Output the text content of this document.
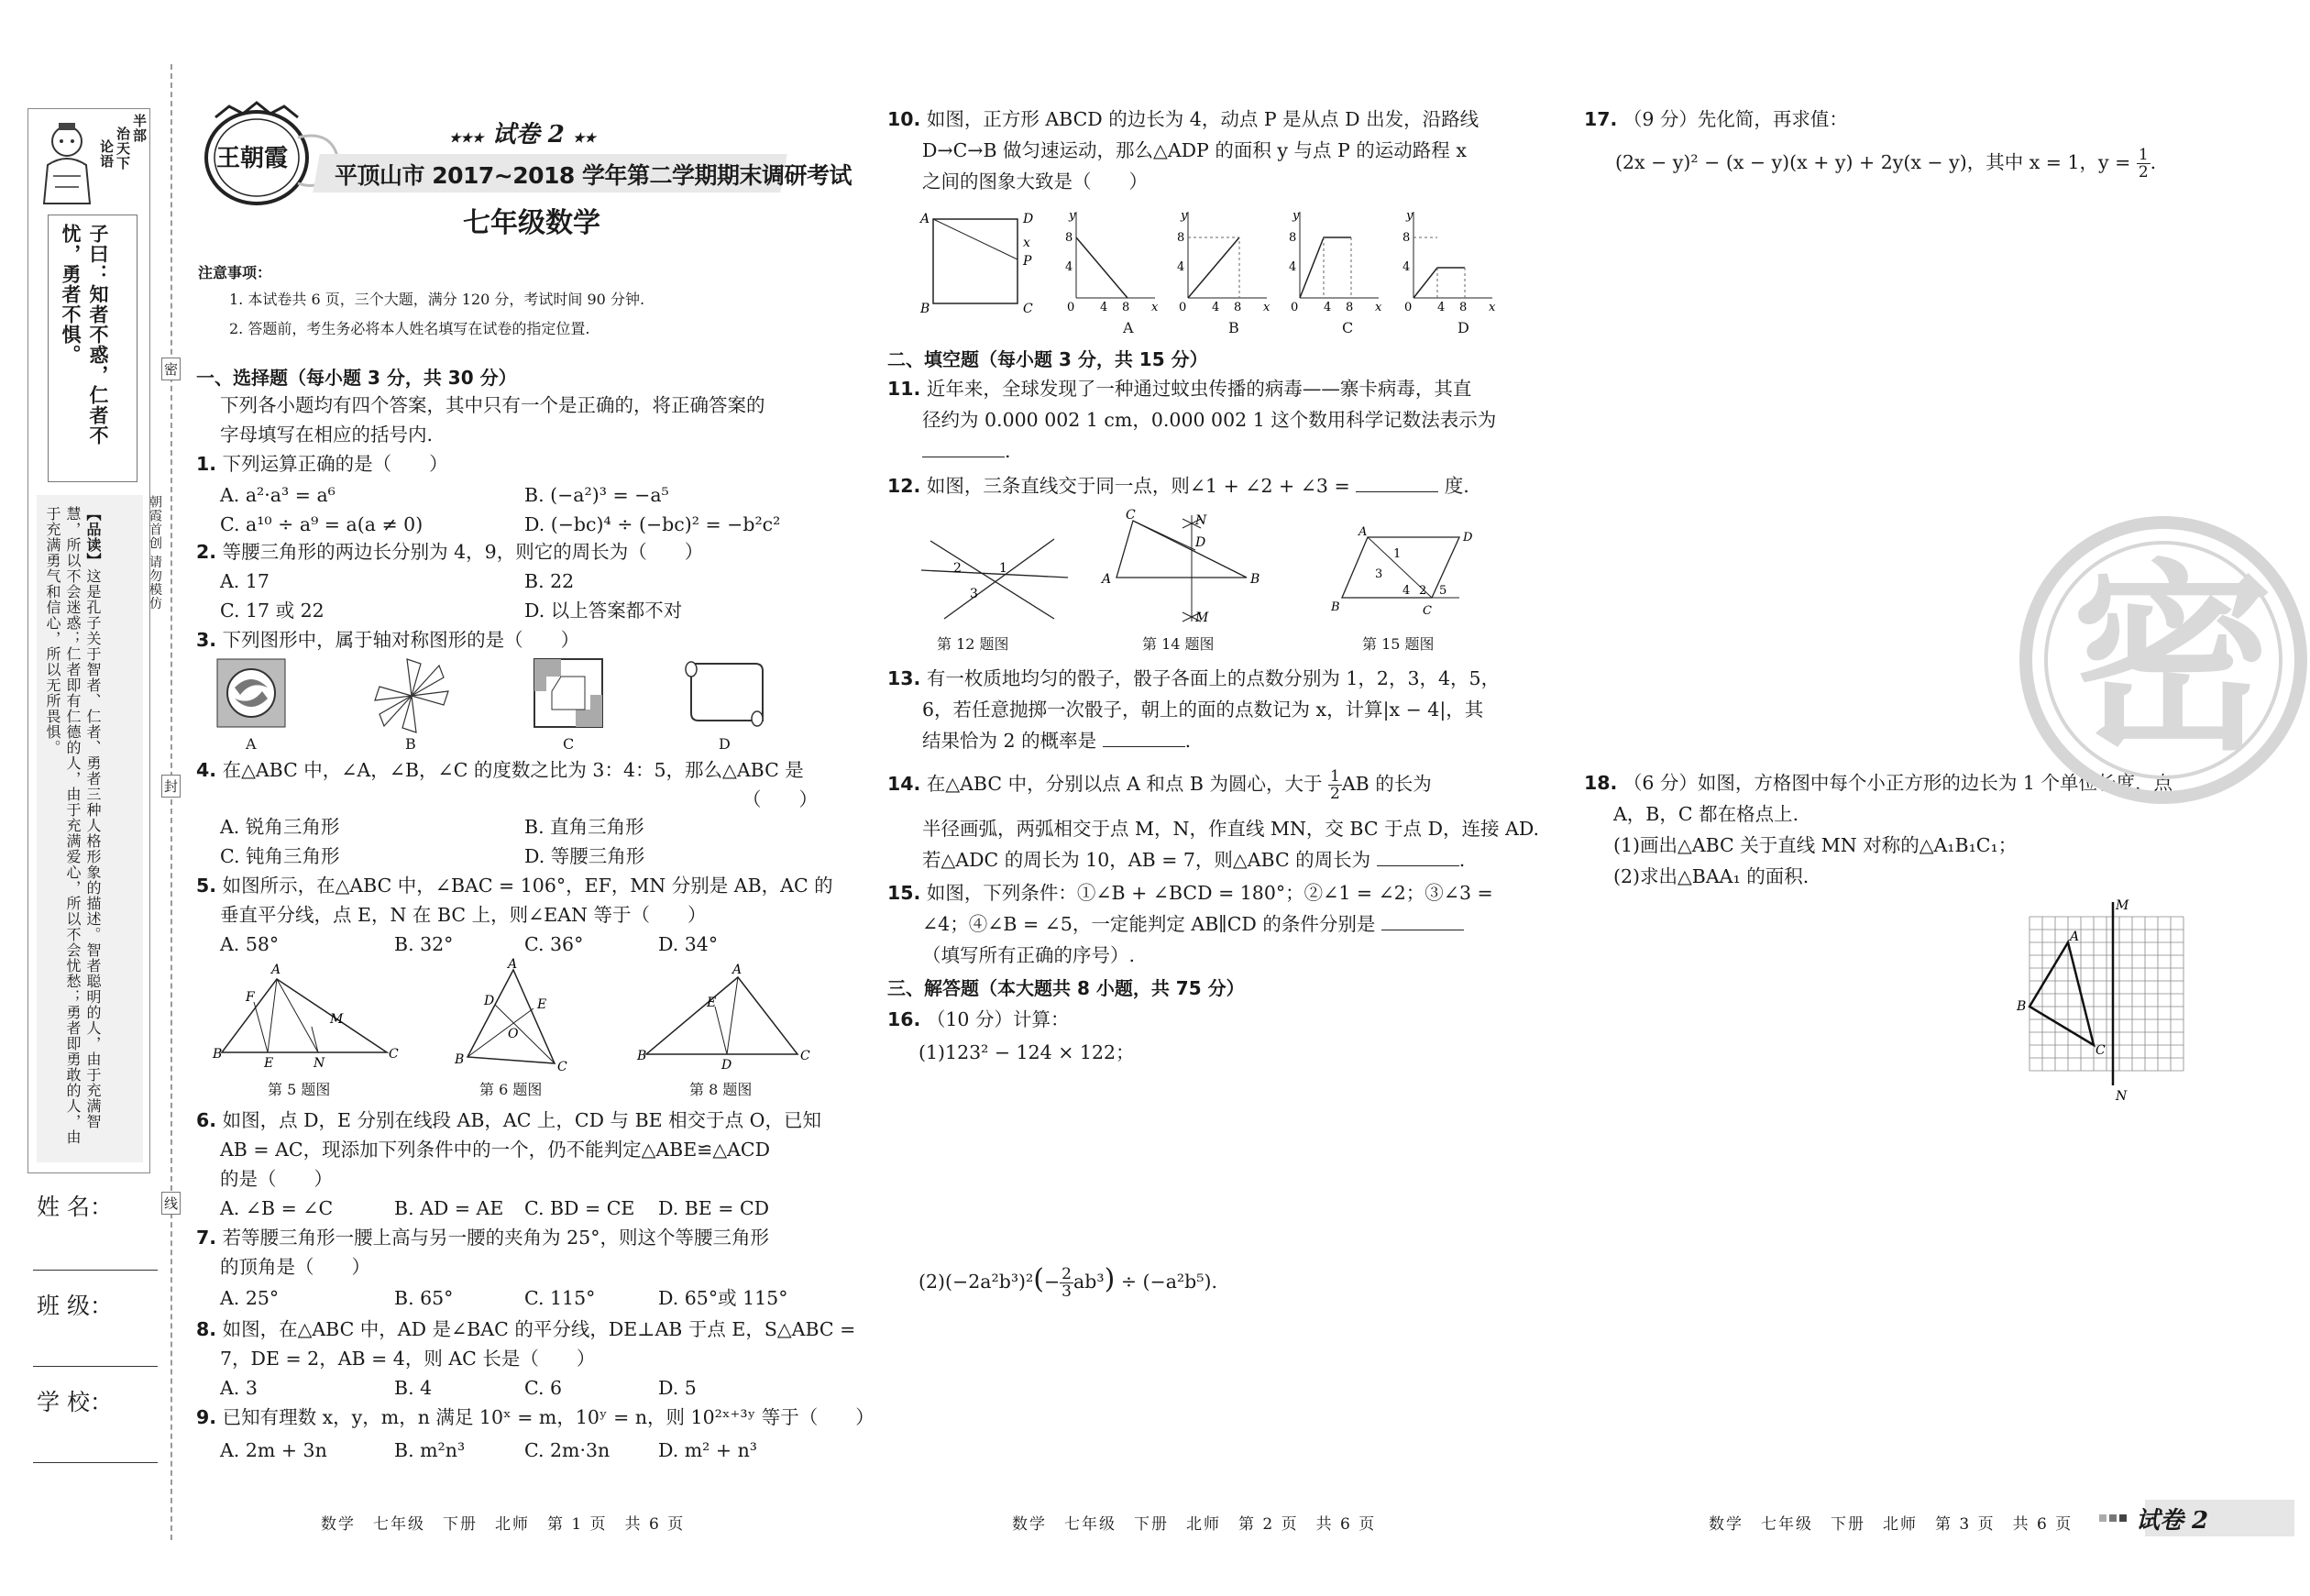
半部
治天下
论语
子曰：知者不惑，仁者不忧，勇者不惧。
【品读】这是孔子关于智者、仁者、勇者三种人格形象的描述。智者聪明的人，由于充满智慧，所以不会迷惑；仁者即有仁德的人，由于充满爱心，所以不会忧愁；勇者即勇敢的人，由于充满勇气和信心，所以无所畏惧。
姓 名：
班 级：
学 校：
密
封
线
朝霞首创 请勿模仿
王朝霞
★★★ 试卷 2 ★★
平顶山市 2017~2018 学年第二学期期末调研考试
七年级数学
注意事项：
1. 本试卷共 6 页，三个大题，满分 120 分，考试时间 90 分钟.
2. 答题前，考生务必将本人姓名填写在试卷的指定位置.
一、选择题（每小题 3 分，共 30 分）
下列各小题均有四个答案，其中只有一个是正确的，将正确答案的
字母填写在相应的括号内.
1. 下列运算正确的是（　　）
A. a²·a³ = a⁶	B. (−a²)³ = −a⁵
C. a¹⁰ ÷ a⁹ = a(a ≠ 0)	D. (−bc)⁴ ÷ (−bc)² = −b²c²
2. 等腰三角形的两边长分别为 4，9，则它的周长为（　　）
A. 17	B. 22
C. 17 或 22	D. 以上答案都不对
3. 下列图形中，属于轴对称图形的是（　　）
A	B	C	D
4. 在△ABC 中，∠A，∠B，∠C 的度数之比为 3：4：5，那么△ABC 是
（　　）
A. 锐角三角形	B. 直角三角形
C. 钝角三角形	D. 等腰三角形
5. 如图所示，在△ABC 中，∠BAC = 106°，EF，MN 分别是 AB，AC 的
垂直平分线，点 E，N 在 BC 上，则∠EAN 等于（　　）
A. 58°	B. 32°	C. 36°	D. 34°
B	C
A
F
E	N
M
A
B	C
D	E
O
B	C
A
E
D
第 5 题图	第 6 题图	第 8 题图
6. 如图，点 D，E 分别在线段 AB，AC 上，CD 与 BE 相交于点 O，已知
AB = AC，现添加下列条件中的一个，仍不能判定△ABE≌△ACD
的是（　　）
A. ∠B = ∠C	B. AD = AE C. BD = CE D. BE = CD
7. 若等腰三角形一腰上高与另一腰的夹角为 25°，则这个等腰三角形
的顶角是（　　）
A. 25°	B. 65°	C. 115°	D. 65°或 115°
8. 如图，在△ABC 中，AD 是∠BAC 的平分线，DE⊥AB 于点 E，S△ABC =
7，DE = 2，AB = 4，则 AC 长是（　　）
A. 3	B. 4	C. 6	D. 5
9. 已知有理数 x，y，m，n 满足 10ˣ = m，10ʸ = n，则 10²ˣ⁺³ʸ 等于（　　）
A. 2m + 3n	B. m²n³	C. 2m·3n	D. m² + n³
数学　七年级　下册　北师　第 1 页　共 6 页
10. 如图，正方形 ABCD 的边长为 4，动点 P 是从点 D 出发，沿路线
D→C→B 做匀速运动，那么△ADP 的面积 y 与点 P 的运动路程 x
之间的图象大致是（　　）
A	D
x
P
B	C
y
8
4
0 4 8 x
y
8
4
0 4 8 x
y
8
4
0 4 8 x
y
8
4
0 4 8 x
A	B	C	D
二、填空题（每小题 3 分，共 15 分）
11. 近年来，全球发现了一种通过蚊虫传播的病毒——寨卡病毒，其直
径约为 0.000 002 1 cm，0.000 002 1 这个数用科学记数法表示为
.
12. 如图，三条直线交于同一点，则∠1 + ∠2 + ∠3 =	度.
2	1
3
C	N
D
A	B
M
A	D
B	C
1
3
2
4 5
第 12 题图	第 14 题图	第 15 题图
13. 有一枚质地均匀的骰子，骰子各面上的点数分别为 1，2，3，4，5，
6，若任意抛掷一次骰子，朝上的面的点数记为 x，计算|x − 4|，其
结果恰为 2 的概率是	.
14. 在△ABC 中，分别以点 A 和点 B 为圆心，大于 $\frac{1}{2}$ AB 的长为
半径画弧，两弧相交于点 M，N，作直线 MN，交 BC 于点 D，连接 AD.
若△ADC 的周长为 10，AB = 7，则△ABC 的周长为	.
15. 如图，下列条件：①∠B + ∠BCD = 180°；②∠1 = ∠2；③∠3 =
∠4；④∠B = ∠5，一定能判定 AB∥CD 的条件分别是
（填写所有正确的序号）.
三、解答题（本大题共 8 小题，共 75 分）
16. （10 分）计算：
(1)123² − 124 × 122；
$(2)(-2a^2b^3)^2(- \frac{2}{3} ab^3) \div (-a^2b^5)$.
数学　七年级　下册　北师　第 2 页　共 6 页
17. （9 分）先化简，再求值：
(2x − y)² − (x − y)(x + y) + 2y(x − y)，其中 x = 1，$y = \frac{1}{2}$ .
18. （6 分）如图，方格图中每个小正方形的边长为 1 个单位长度，点
A，B，C 都在格点上.
(1)画出△ABC 关于直线 MN 对称的△A₁B₁C₁；
(2)求出△BAA₁ 的面积.
密
M
N
B
A
C
数学　七年级　下册　北师　第 3 页　共 6 页	试卷 2
